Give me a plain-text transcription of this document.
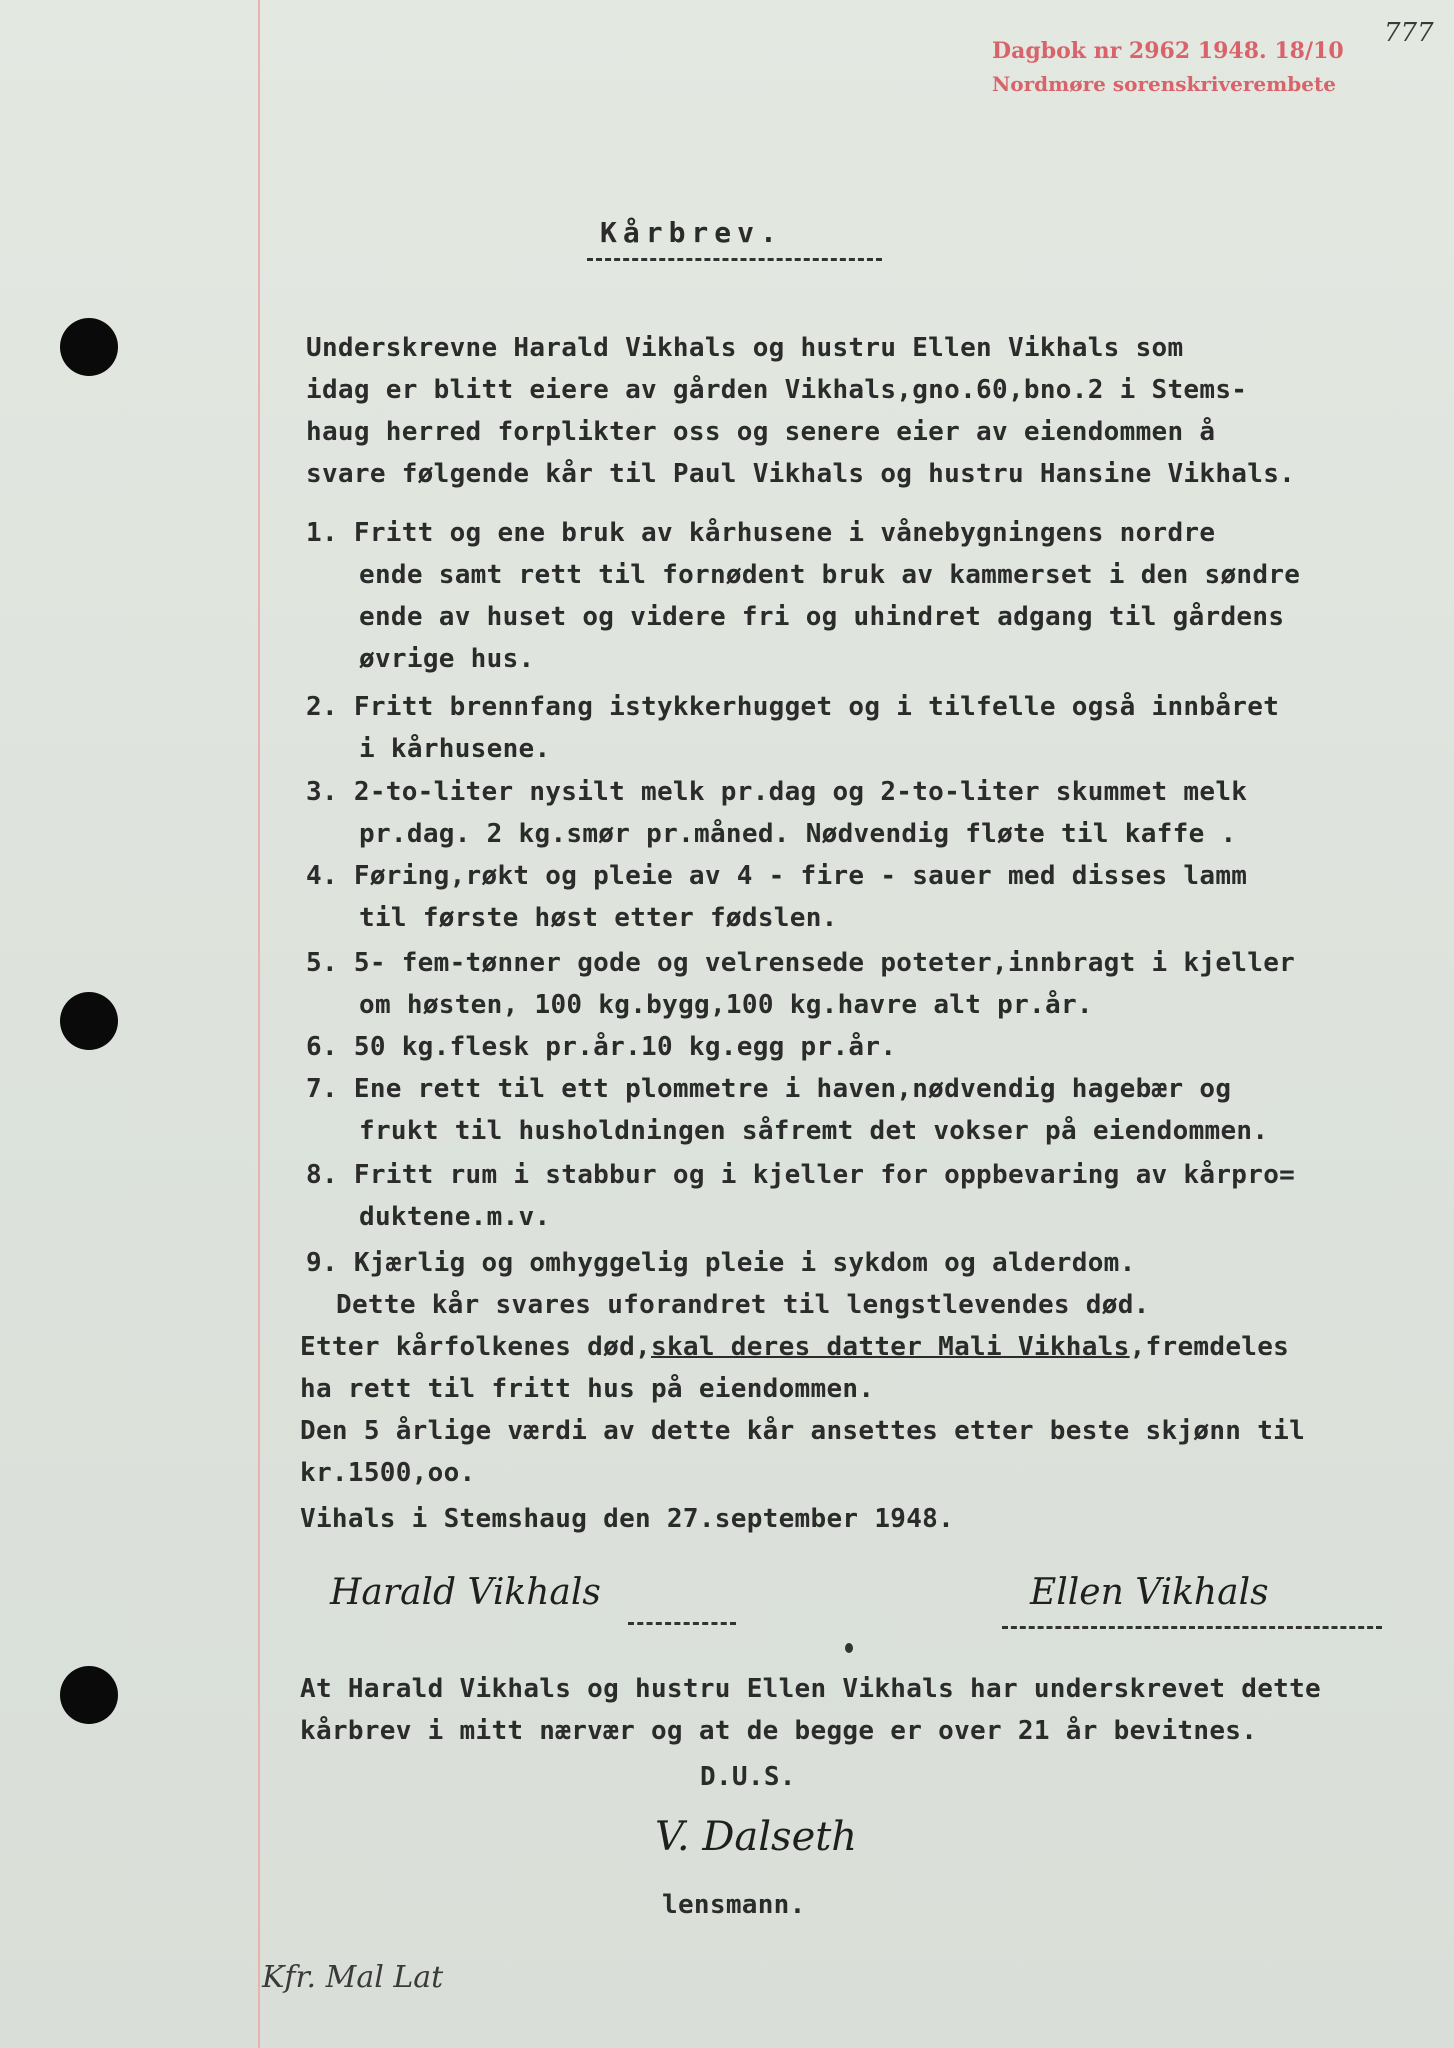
Dagbok nr 2962 1948. 18/10
Nordmøre sorenskriverembete
777
Kårbrev.
Underskrevne Harald Vikhals og hustru Ellen Vikhals som
idag er blitt eiere av gården Vikhals,gno.60,bno.2 i Stems-
haug herred forplikter oss og senere eier av eiendommen å
svare følgende kår til Paul Vikhals og hustru Hansine Vikhals.
1. Fritt og ene bruk av kårhusene i vånebygningens nordre
ende samt rett til fornødent bruk av kammerset i den søndre
ende av huset og videre fri og uhindret adgang til gårdens
øvrige hus.
2. Fritt brennfang istykkerhugget og i tilfelle også innbåret
i kårhusene.
3. 2-to-liter nysilt melk pr.dag og 2-to-liter skummet melk
pr.dag. 2 kg.smør pr.måned. Nødvendig fløte til kaffe .
4. Føring,røkt og pleie av 4 - fire - sauer med disses lamm
til første høst etter fødslen.
5. 5- fem-tønner gode og velrensede poteter,innbragt i kjeller
om høsten, 100 kg.bygg,100 kg.havre alt pr.år.
6. 50 kg.flesk pr.år.10 kg.egg pr.år.
7. Ene rett til ett plommetre i haven,nødvendig hagebær og
frukt til husholdningen såfremt det vokser på eiendommen.
8. Fritt rum i stabbur og i kjeller for oppbevaring av kårpro=
duktene.m.v.
9. Kjærlig og omhyggelig pleie i sykdom og alderdom.
Dette kår svares uforandret til lengstlevendes død.
Etter kårfolkenes død,skal deres datter Mali Vikhals,fremdeles
ha rett til fritt hus på eiendommen.
Den 5 årlige værdi av dette kår ansettes etter beste skjønn til
kr.1500,oo.
Vihals i Stemshaug den 27.september 1948.
Harald Vikhals	Ellen Vikhals
At Harald Vikhals og hustru Ellen Vikhals har underskrevet dette
kårbrev i mitt nærvær og at de begge er over 21 år bevitnes.
D.U.S.
V. Dalseth
lensmann.
Kfr. Mal Lat
